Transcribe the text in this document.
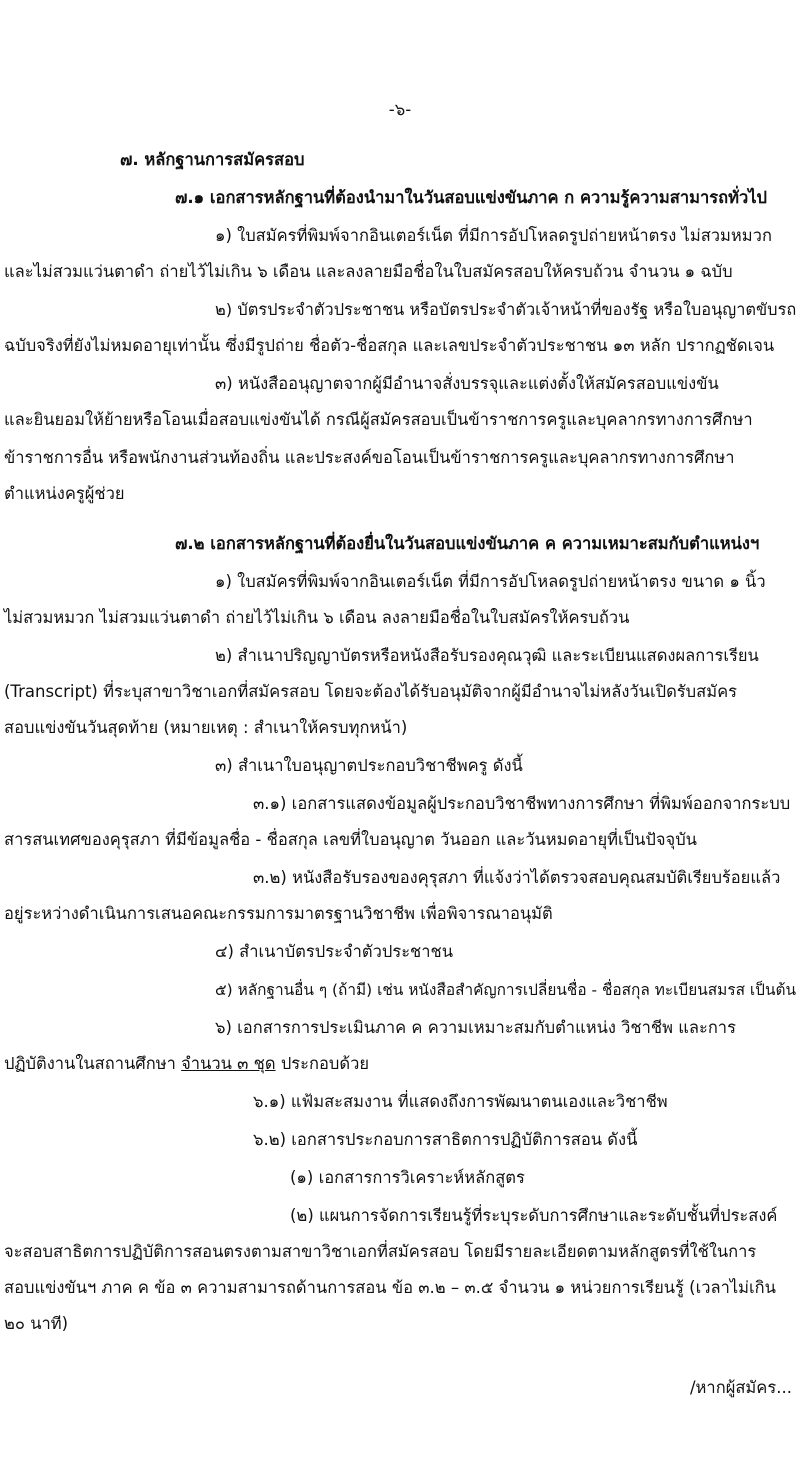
-๖-
๗. หลักฐานการสมัครสอบ
๗.๑ เอกสารหลักฐานที่ต้องนำมาในวันสอบแข่งขันภาค ก ความรู้ความสามารถทั่วไป
๑) ใบสมัครที่พิมพ์จากอินเตอร์เน็ต ที่มีการอัปโหลดรูปถ่ายหน้าตรง ไม่สวมหมวก
และไม่สวมแว่นตาดำ ถ่ายไว้ไม่เกิน ๖ เดือน และลงลายมือชื่อในใบสมัครสอบให้ครบถ้วน จำนวน ๑ ฉบับ
๒) บัตรประจำตัวประชาชน หรือบัตรประจำตัวเจ้าหน้าที่ของรัฐ หรือใบอนุญาตขับรถ
ฉบับจริงที่ยังไม่หมดอายุเท่านั้น ซึ่งมีรูปถ่าย ชื่อตัว-ชื่อสกุล และเลขประจำตัวประชาชน ๑๓ หลัก ปรากฏชัดเจน
๓) หนังสืออนุญาตจากผู้มีอำนาจสั่งบรรจุและแต่งตั้งให้สมัครสอบแข่งขัน
และยินยอมให้ย้ายหรือโอนเมื่อสอบแข่งขันได้ กรณีผู้สมัครสอบเป็นข้าราชการครูและบุคลากรทางการศึกษา
ข้าราชการอื่น หรือพนักงานส่วนท้องถิ่น และประสงค์ขอโอนเป็นข้าราชการครูและบุคลากรทางการศึกษา
ตำแหน่งครูผู้ช่วย
๗.๒ เอกสารหลักฐานที่ต้องยื่นในวันสอบแข่งขันภาค ค ความเหมาะสมกับตำแหน่งฯ
๑) ใบสมัครที่พิมพ์จากอินเตอร์เน็ต ที่มีการอัปโหลดรูปถ่ายหน้าตรง ขนาด ๑ นิ้ว
ไม่สวมหมวก ไม่สวมแว่นตาดำ ถ่ายไว้ไม่เกิน ๖ เดือน ลงลายมือชื่อในใบสมัครให้ครบถ้วน
๒) สำเนาปริญญาบัตรหรือหนังสือรับรองคุณวุฒิ และระเบียนแสดงผลการเรียน
(Transcript) ที่ระบุสาขาวิชาเอกที่สมัครสอบ โดยจะต้องได้รับอนุมัติจากผู้มีอำนาจไม่หลังวันเปิดรับสมัคร
สอบแข่งขันวันสุดท้าย (หมายเหตุ : สำเนาให้ครบทุกหน้า)
๓) สำเนาใบอนุญาตประกอบวิชาชีพครู ดังนี้
๓.๑) เอกสารแสดงข้อมูลผู้ประกอบวิชาชีพทางการศึกษา ที่พิมพ์ออกจากระบบ
สารสนเทศของคุรุสภา ที่มีข้อมูลชื่อ - ชื่อสกุล เลขที่ใบอนุญาต วันออก และวันหมดอายุที่เป็นปัจจุบัน
๓.๒) หนังสือรับรองของคุรุสภา ที่แจ้งว่าได้ตรวจสอบคุณสมบัติเรียบร้อยแล้ว
อยู่ระหว่างดำเนินการเสนอคณะกรรมการมาตรฐานวิชาชีพ เพื่อพิจารณาอนุมัติ
๔) สำเนาบัตรประจำตัวประชาชน
๕) หลักฐานอื่น ๆ (ถ้ามี) เช่น หนังสือสำคัญการเปลี่ยนชื่อ - ชื่อสกุล ทะเบียนสมรส เป็นต้น
๖) เอกสารการประเมินภาค ค ความเหมาะสมกับตำแหน่ง วิชาชีพ และการ
ปฏิบัติงานในสถานศึกษา จำนวน ๓ ชุด ประกอบด้วย
๖.๑) แฟ้มสะสมงาน ที่แสดงถึงการพัฒนาตนเองและวิชาชีพ
๖.๒) เอกสารประกอบการสาธิตการปฏิบัติการสอน ดังนี้
(๑) เอกสารการวิเคราะห์หลักสูตร
(๒) แผนการจัดการเรียนรู้ที่ระบุระดับการศึกษาและระดับชั้นที่ประสงค์
จะสอบสาธิตการปฏิบัติการสอนตรงตามสาขาวิชาเอกที่สมัครสอบ โดยมีรายละเอียดตามหลักสูตรที่ใช้ในการ
สอบแข่งขันฯ ภาค ค ข้อ ๓ ความสามารถด้านการสอน ข้อ ๓.๒ – ๓.๕ จำนวน ๑ หน่วยการเรียนรู้ (เวลาไม่เกิน
๒๐ นาที)
/หากผู้สมัคร...
